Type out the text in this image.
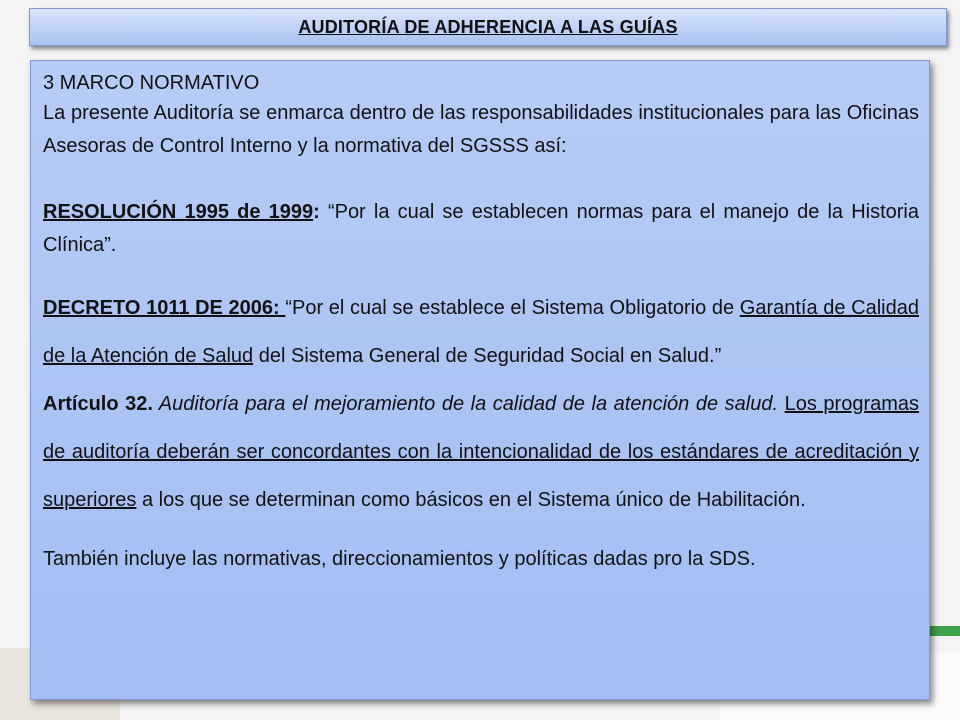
AUDITORÍA DE ADHERENCIA A LAS GUÍAS
3 MARCO NORMATIVO

La presente Auditoría se enmarca dentro de las responsabilidades institucionales para las Oficinas Asesoras de Control Interno y la normativa del SGSSS así:

RESOLUCIÓN 1995 de 1999: “Por la cual se establecen normas para el manejo de la Historia Clínica”.

DECRETO 1011 DE 2006: “Por el cual se establece el Sistema Obligatorio de Garantía de Calidad de la Atención de Salud del Sistema General de Seguridad Social en Salud.”

Artículo 32. Auditoría para el mejoramiento de la calidad de la atención de salud. Los programas de auditoría deberán ser concordantes con la intencionalidad de los estándares de acreditación y superiores a los que se determinan como básicos en el Sistema único de Habilitación.

También incluye las normativas, direccionamientos y políticas dadas pro la SDS.
